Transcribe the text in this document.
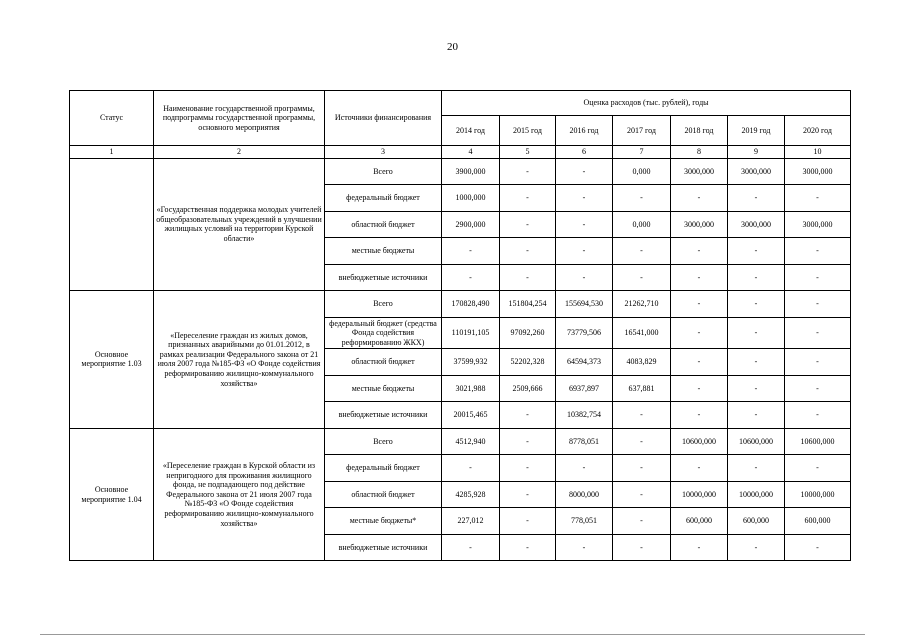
20
Статус	Наименование государственной программы, подпрограммы государственной программы, основного мероприятия	Источники финансирования	Оценка расходов (тыс. рублей), годы						
			2014 год	2015 год	2016 год	2017 год	2018 год	2019 год	2020 год
1	2	3	4	5	6	7	8	9	10
	«Государственная поддержка молодых учителей общеобразовательных учреждений в улучшении жилищных условий на территории Курской области»	Всего	3900,000	-	-	0,000	3000,000	3000,000	3000,000
		федеральный бюджет	1000,000	-	-	-	-	-	-
		областной бюджет	2900,000	-	-	0,000	3000,000	3000,000	3000,000
		местные бюджеты	-	-	-	-	-	-	-
		внебюджетные источники	-	-	-	-	-	-	-
Основное мероприятие 1.03	«Переселение граждан из жилых домов, признанных аварийными до 01.01.2012, в рамках реализации Федерального закона от 21 июля 2007 года №185-ФЗ «О Фонде содействия реформированию жилищно-коммунального хозяйства»	Всего	170828,490	151804,254	155694,530	21262,710	-	-	-
		федеральный бюджет (средства Фонда содействия реформированию ЖКХ)	110191,105	97092,260	73779,506	16541,000	-	-	-
		областной бюджет	37599,932	52202,328	64594,373	4083,829	-	-	-
		местные бюджеты	3021,988	2509,666	6937,897	637,881	-	-	-
		внебюджетные источники	20015,465	-	10382,754	-	-	-	-
Основное мероприятие 1.04	«Переселение граждан в Курской области из непригодного для проживания жилищного фонда, не подпадающего под действие Федерального закона от 21 июля 2007 года №185-ФЗ «О Фонде содействия реформированию жилищно-коммунального хозяйства»	Всего	4512,940	-	8778,051	-	10600,000	10600,000	10600,000
		федеральный бюджет	-	-	-	-	-	-	-
		областной бюджет	4285,928	-	8000,000	-	10000,000	10000,000	10000,000
		местные бюджеты*	227,012	-	778,051	-	600,000	600,000	600,000
		внебюджетные источники	-	-	-	-	-	-	-
